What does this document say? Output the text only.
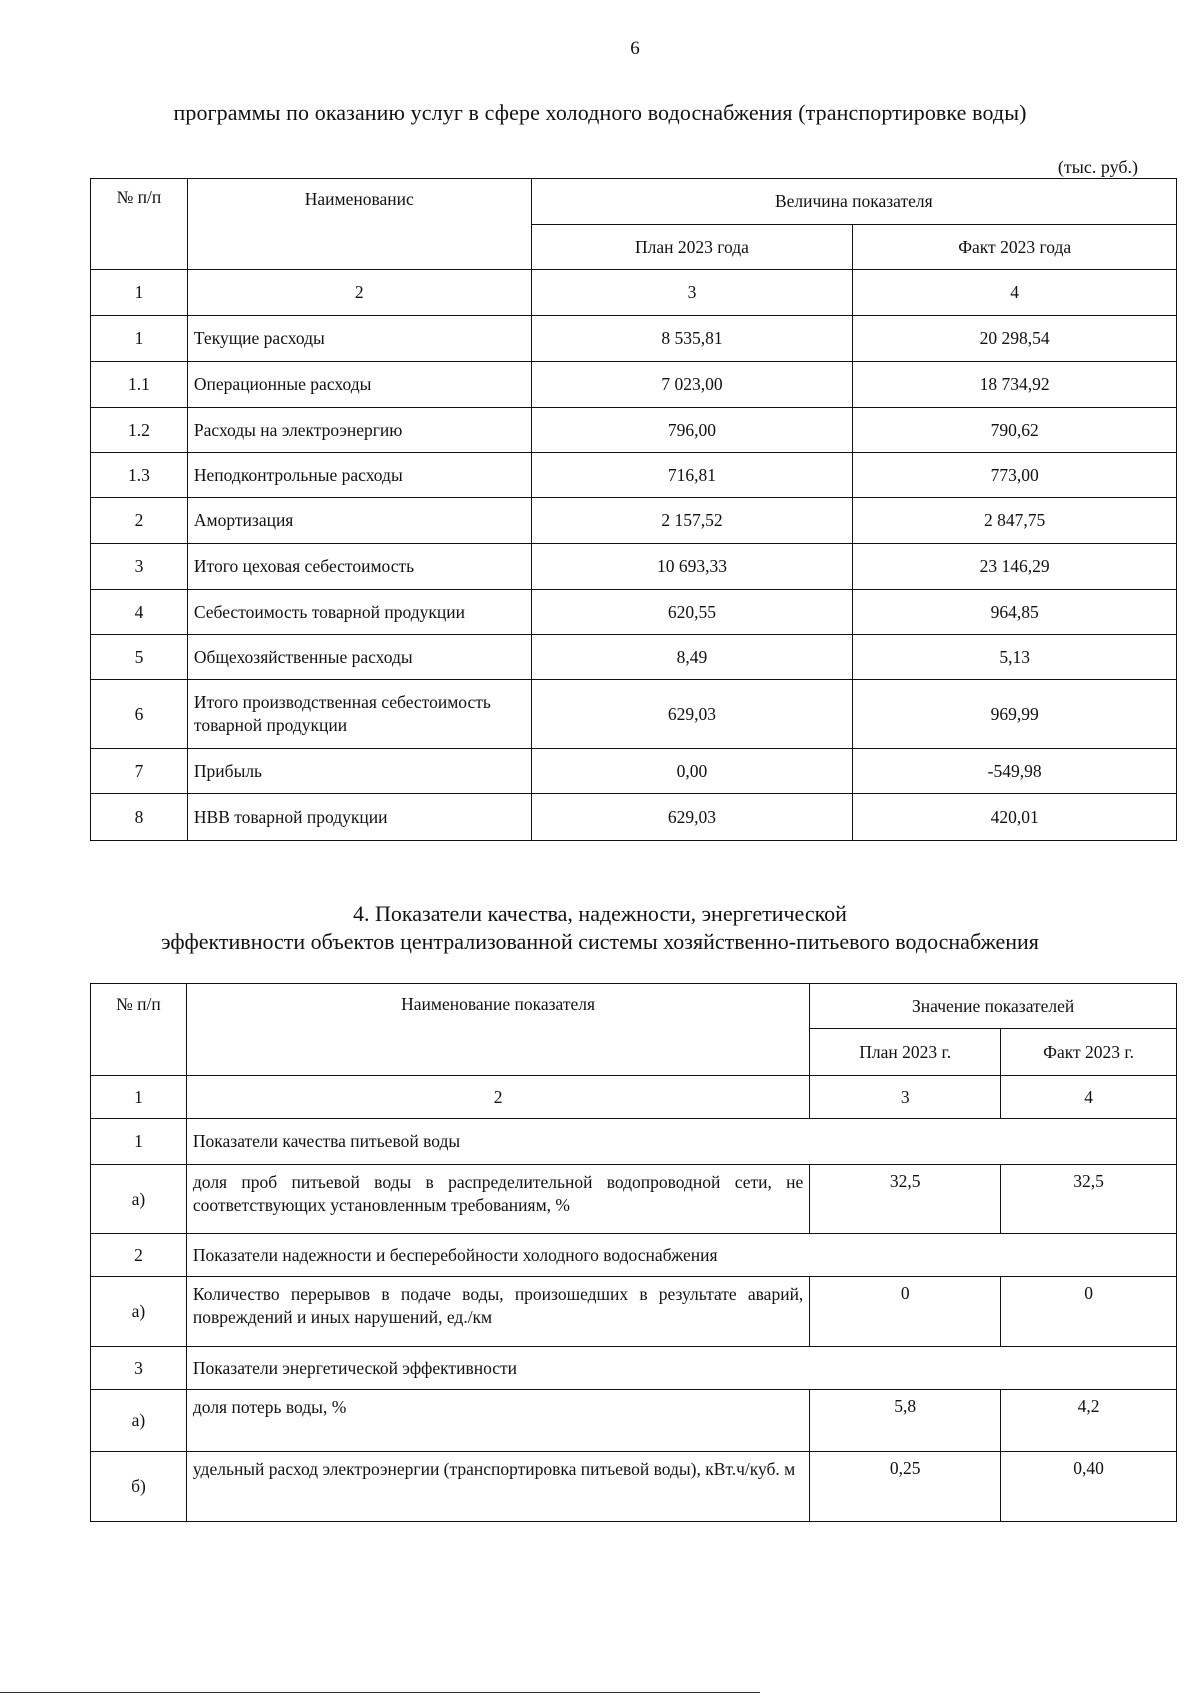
6
программы по оказанию услуг в сфере холодного водоснабжения (транспортировке воды)
(тыс. руб.)
№ п/п	Наименованис	Величина показателя	
		План 2023 года	Факт 2023 года
1	2	3	4
1	Текущие расходы	8 535,81	20 298,54
1.1	Операционные расходы	7 023,00	18 734,92
1.2	Расходы на электроэнергию	796,00	790,62
1.3	Неподконтрольные расходы	716,81	773,00
2	Амортизация	2 157,52	2 847,75
3	Итого цеховая себестоимость	10 693,33	23 146,29
4	Себестоимость товарной продукции	620,55	964,85
5	Общехозяйственные расходы	8,49	5,13
6	Итого производственная себестоимость товарной продукции	629,03	969,99
7	Прибыль	0,00	-549,98
8	НВВ товарной продукции	629,03	420,01
4. Показатели качества, надежности, энергетической
эффективности объектов централизованной системы хозяйственно-питьевого водоснабжения
№ п/п	Наименование показателя	Значение показателей	
		План 2023 г.	Факт 2023 г.
1	2	3	4
1	Показатели качества питьевой воды		
а)	доля проб питьевой воды в распределительной водопроводной сети, не соответствующих установленным требованиям, %	32,5	32,5
2	Показатели надежности и бесперебойности холодного водоснабжения		
а)	Количество перерывов в подаче воды, произошедших в результате аварий, повреждений и иных нарушений, ед./км	0	0
3	Показатели энергетической эффективности		
а)	доля потерь воды, %	5,8	4,2
б)	удельный расход электроэнергии (транспортировка питьевой воды), кВт.ч/куб. м	0,25	0,40
